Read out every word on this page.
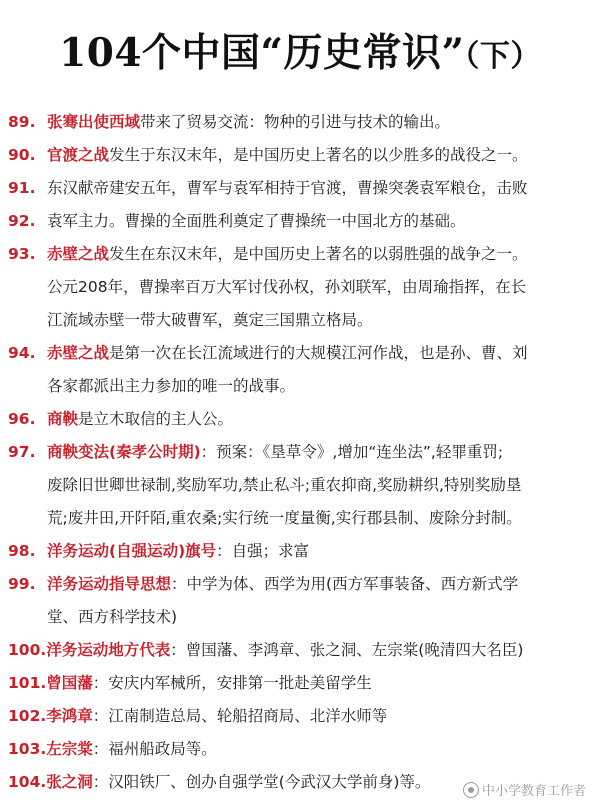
104个中国“历史常识”（下）
89. 张骞出使西域带来了贸易交流：物种的引进与技术的输出。
90. 官渡之战发生于东汉末年，是中国历史上著名的以少胜多的战役之一。
91. 东汉献帝建安五年，曹军与袁军相持于官渡，曹操突袭袁军粮仓，击败
92. 袁军主力。曹操的全面胜利奠定了曹操统一中国北方的基础。
93. 赤壁之战发生在东汉末年，是中国历史上著名的以弱胜强的战争之一。
公元208年，曹操率百万大军讨伐孙权，孙刘联军，由周瑜指挥，在长
江流域赤壁一带大破曹军，奠定三国鼎立格局。
94. 赤壁之战是第一次在长江流域进行的大规模江河作战，也是孙、曹、刘
各家都派出主力参加的唯一的战事。
96. 商鞅是立木取信的主人公。
97. 商鞅变法(秦孝公时期)：预案：《垦草令》,增加“连坐法”,轻罪重罚;
废除旧世卿世禄制,奖励军功,禁止私斗;重农抑商,奖励耕织,特别奖励垦
荒;废井田,开阡陌,重农桑;实行统一度量衡,实行郡县制、废除分封制。
98. 洋务运动(自强运动)旗号：自强；求富
99. 洋务运动指导思想：中学为体、西学为用(西方军事装备、西方新式学
堂、西方科学技术)
100.洋务运动地方代表：曾国藩、李鸿章、张之洞、左宗棠(晚清四大名臣)
101.曾国藩：安庆内军械所，安排第一批赴美留学生
102.李鸿章：江南制造总局、轮船招商局、北洋水师等
103.左宗棠：福州船政局等。
104.张之洞：汉阳铁厂、创办自强学堂(今武汉大学前身)等。
中小学教育工作者
